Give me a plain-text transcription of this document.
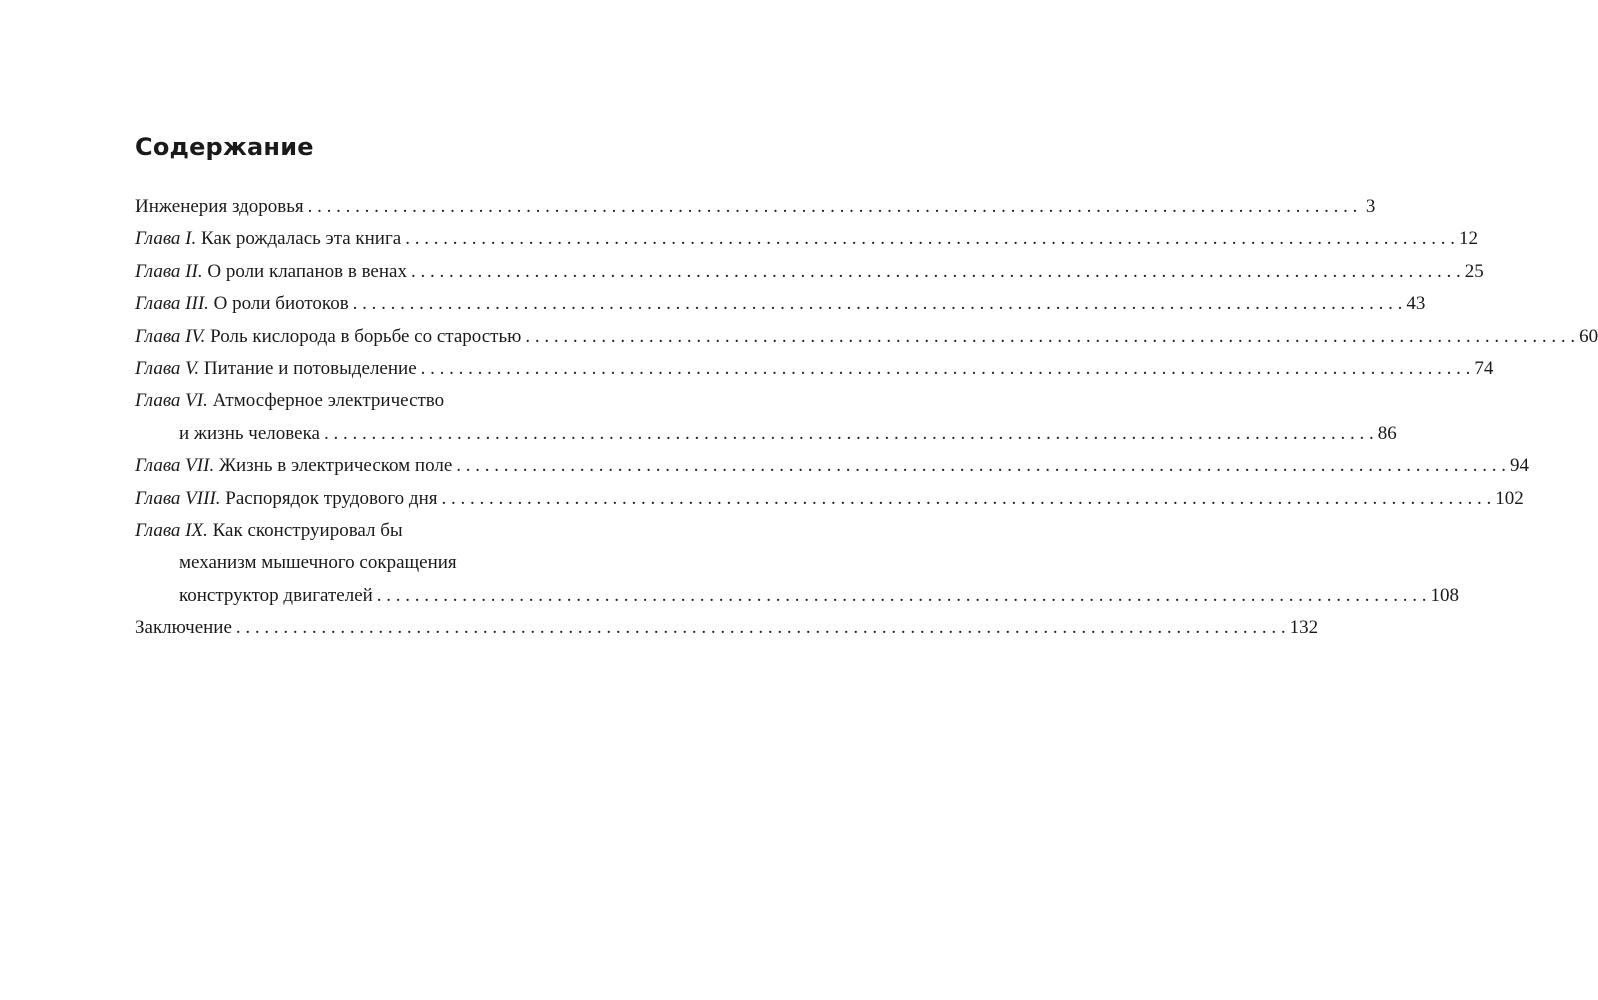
Содержание
Инженерия здоровья . . .	3
Глава I. Как рождалась эта книга . . .	12
Глава II. О роли клапанов в венах . . .	25
Глава III. О роли биотоков . . .	43
Глава IV. Роль кислорода в борьбе со старостью . . .	60
Глава V. Питание и потовыделение . . .	74
Глава VI. Атмосферное электричество
и жизнь человека . . .	86
Глава VII. Жизнь в электрическом поле . . .	94
Глава VIII. Распорядок трудового дня . . .	102
Глава IX. Как сконструировал бы
механизм мышечного сокращения
конструктор двигателей . . .	108
Заключение . . .	132
